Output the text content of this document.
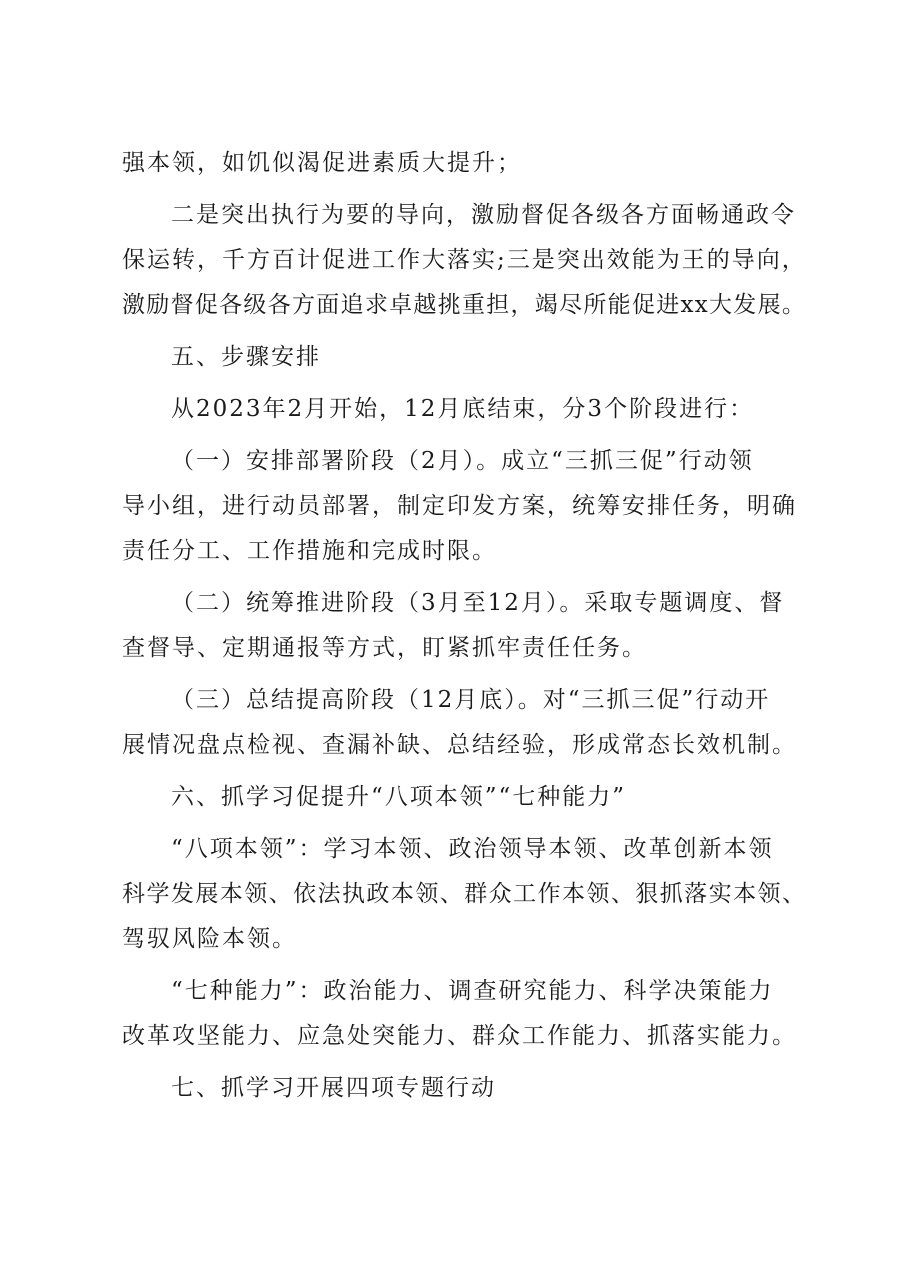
强本领，如饥似渴促进素质大提升；

二是突出执行为要的导向，激励督促各级各方面畅通政令
保运转，千方百计促进工作大落实;三是突出效能为王的导向，
激励督促各级各方面追求卓越挑重担，竭尽所能促进xx大发展。

五、步骤安排

从2023年2月开始，12月底结束，分3个阶段进行：

（一）安排部署阶段（2月）。成立“三抓三促”行动领
导小组，进行动员部署，制定印发方案，统筹安排任务，明确
责任分工、工作措施和完成时限。

（二）统筹推进阶段（3月至12月）。采取专题调度、督
查督导、定期通报等方式，盯紧抓牢责任任务。

（三）总结提高阶段（12月底）。对“三抓三促”行动开
展情况盘点检视、查漏补缺、总结经验，形成常态长效机制。

六、抓学习促提升“八项本领”“七种能力”

“八项本领”：学习本领、政治领导本领、改革创新本领
科学发展本领、依法执政本领、群众工作本领、狠抓落实本领、
驾驭风险本领。

“七种能力”：政治能力、调查研究能力、科学决策能力
改革攻坚能力、应急处突能力、群众工作能力、抓落实能力。

七、抓学习开展四项专题行动
